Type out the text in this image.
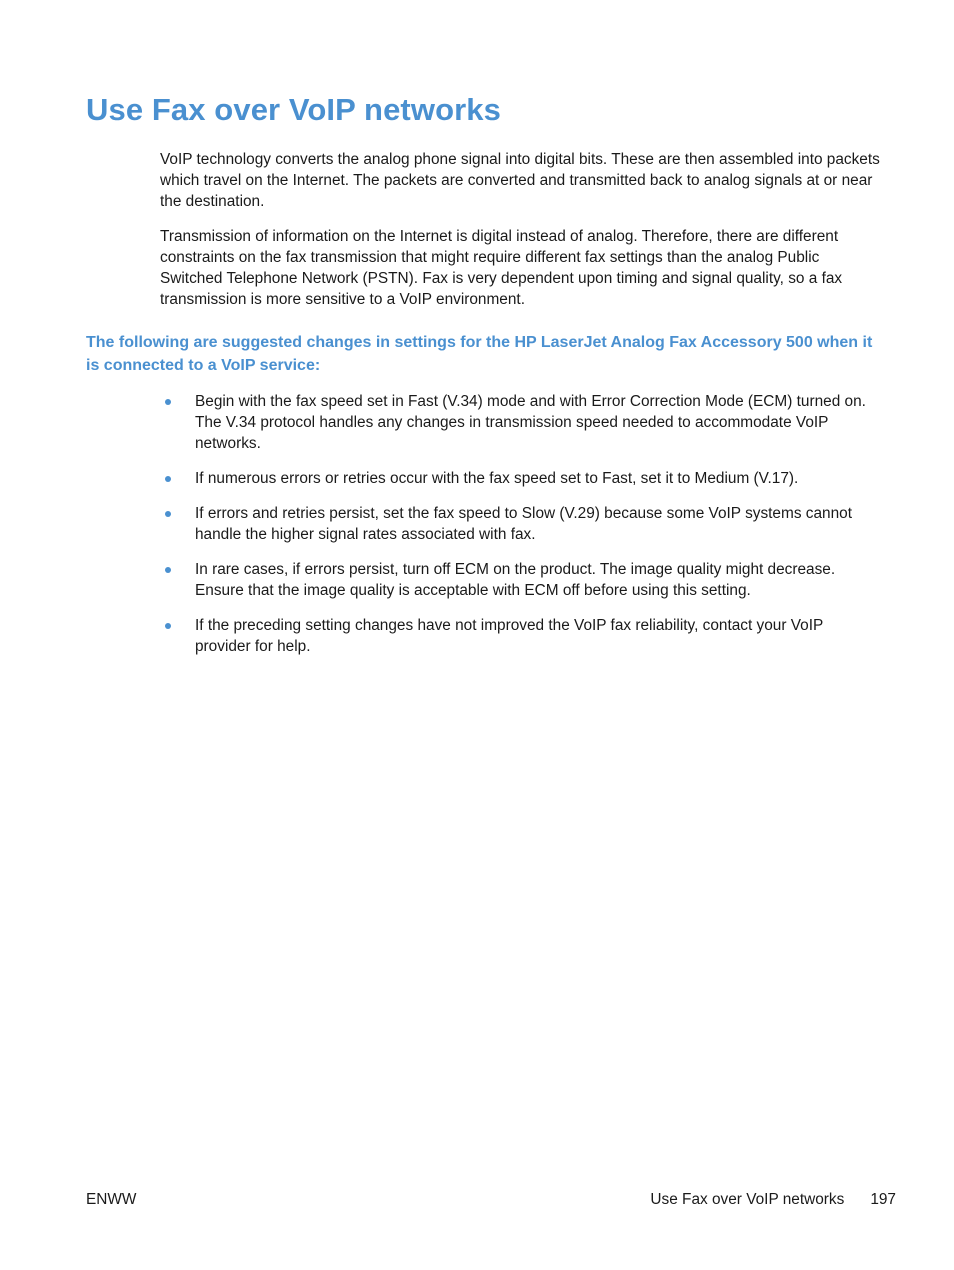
Use Fax over VoIP networks

VoIP technology converts the analog phone signal into digital bits. These are then assembled into packets which travel on the Internet. The packets are converted and transmitted back to analog signals at or near the destination.

Transmission of information on the Internet is digital instead of analog. Therefore, there are different constraints on the fax transmission that might require different fax settings than the analog Public Switched Telephone Network (PSTN). Fax is very dependent upon timing and signal quality, so a fax transmission is more sensitive to a VoIP environment.

The following are suggested changes in settings for the HP LaserJet Analog Fax Accessory 500 when it is connected to a VoIP service:
Begin with the fax speed set in Fast (V.34) mode and with Error Correction Mode (ECM) turned on. The V.34 protocol handles any changes in transmission speed needed to accommodate VoIP networks.
If numerous errors or retries occur with the fax speed set to Fast, set it to Medium (V.17).
If errors and retries persist, set the fax speed to Slow (V.29) because some VoIP systems cannot handle the higher signal rates associated with fax.
In rare cases, if errors persist, turn off ECM on the product. The image quality might decrease. Ensure that the image quality is acceptable with ECM off before using this setting.
If the preceding setting changes have not improved the VoIP fax reliability, contact your VoIP provider for help.
ENWW	Use Fax over VoIP networks 197
